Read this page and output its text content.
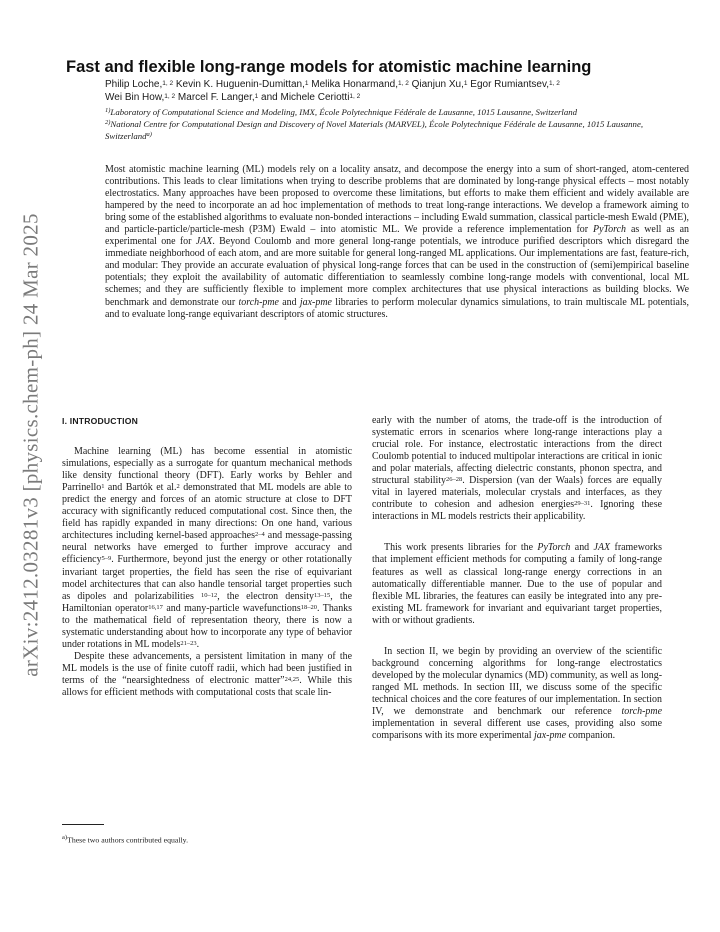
arXiv:2412.03281v3 [physics.chem-ph] 24 Mar 2025
Fast and flexible long-range models for atomistic machine learning
Philip Loche,$^{1, 2}$ Kevin K. Huguenin-Dumittan,$^1$ Melika Honarmand,$^{1, 2}$ Qianjun Xu,$^1$ Egor Rumiantsev,$^{1, 2}$
Wei Bin How,$^{1, 2}$ Marcel F. Langer,$^1$ and Michele Ceriotti$^{1, 2}$

$^{1)}$Laboratory of Computational Science and Modeling, IMX, École Polytechnique Fédérale de Lausanne, 1015 Lausanne, Switzerland

$^{2)}$National Centre for Computational Design and Discovery of Novel Materials (MARVEL), École Polytechnique Fédérale de Lausanne, 1015 Lausanne, Switzerland$^{a)}$

Most atomistic machine learning (ML) models rely on a locality ansatz, and decompose the energy into a sum of short-ranged, atom-centered contributions. This leads to clear limitations when trying to describe problems that are dominated by long-range physical effects – most notably electrostatics. Many approaches have been proposed to overcome these limitations, but efforts to make them efficient and widely available are hampered by the need to incorporate an ad hoc implementation of methods to treat long-range interactions. We develop a framework aiming to bring some of the established algorithms to evaluate non-bonded interactions – including Ewald summation, classical particle-mesh Ewald (PME), and particle-particle/particle-mesh (P3M) Ewald – into atomistic ML. We provide a reference implementation for PyTorch as well as an experimental one for JAX. Beyond Coulomb and more general long-range potentials, we introduce purified descriptors which disregard the immediate neighborhood of each atom, and are more suitable for general long-ranged ML applications. Our implementations are fast, feature-rich, and modular: They provide an accurate evaluation of physical long-range forces that can be used in the construction of (semi)empirical baseline potentials; they exploit the availability of automatic differentiation to seamlessly combine long-range models with conventional, local ML schemes; and they are sufficiently flexible to implement more complex architectures that use physical interactions as building blocks. We benchmark and demonstrate our torch-pme and jax-pme libraries to perform molecular dynamics simulations, to train multiscale ML potentials, and to evaluate long-range equivariant descriptors of atomic structures.

I. INTRODUCTION

Machine learning (ML) has become essential in atomistic simulations, especially as a surrogate for quantum mechanical methods like density functional theory (DFT). Early works by Behler and Parrinello$^1$ and Bartók et al.$^2$ demonstrated that ML models are able to predict the energy and forces of an atomic structure at close to DFT accuracy with significantly reduced computational cost. Since then, the field has rapidly expanded in many directions: On one hand, various architectures including kernel-based approaches$^{2-4}$ and message-passing neural networks have emerged to further improve accuracy and efficiency$^{5-9}$. Furthermore, beyond just the energy or other rotationally invariant target properties, the field has seen the rise of equivariant model architectures that can also handle tensorial target properties such as dipoles and polarizabilities $^{10-12}$, the electron density$^{13-15}$, the Hamiltonian operator$^{16,17}$ and many-particle wavefunctions$^{18-20}$. Thanks to the mathematical field of representation theory, there is now a systematic understanding about how to incorporate any type of behavior under rotations in ML models$^{21-23}$.

Despite these advancements, a persistent limitation in many of the ML models is the use of finite cutoff radii, which had been justified in terms of the “nearsightedness of electronic matter”$^{24,25}$. While this allows for efficient methods with computational costs that scale lin-

early with the number of atoms, the trade-off is the introduction of systematic errors in scenarios where long-range interactions play a crucial role. For instance, electrostatic interactions from the direct Coulomb potential to induced multipolar interactions are critical in ionic and polar materials, affecting dielectric constants, phonon spectra, and structural stability$^{26-28}$. Dispersion (van der Waals) forces are equally vital in layered materials, molecular crystals and interfaces, as they contribute to cohesion and adhesion energies$^{29-31}$. Ignoring these interactions in ML models restricts their applicability.

This work presents libraries for the PyTorch and JAX frameworks that implement efficient methods for computing a family of long-range features as well as classical long-range energy corrections in an automatically differentiable manner. Due to the use of popular and flexible ML libraries, the features can easily be integrated into any pre-existing ML framework for invariant and equivariant target properties, with or without gradients.

In section II, we begin by providing an overview of the scientific background concerning algorithms for long-range electrostatics developed by the molecular dynamics (MD) community, as well as long-ranged ML methods. In section III, we discuss some of the specific technical choices and the core features of our implementation. In section IV, we demonstrate and benchmark our reference torch-pme implementation in several different use cases, providing also some comparisons with its more experimental jax-pme companion.

$^{a)}$These two authors contributed equally.
